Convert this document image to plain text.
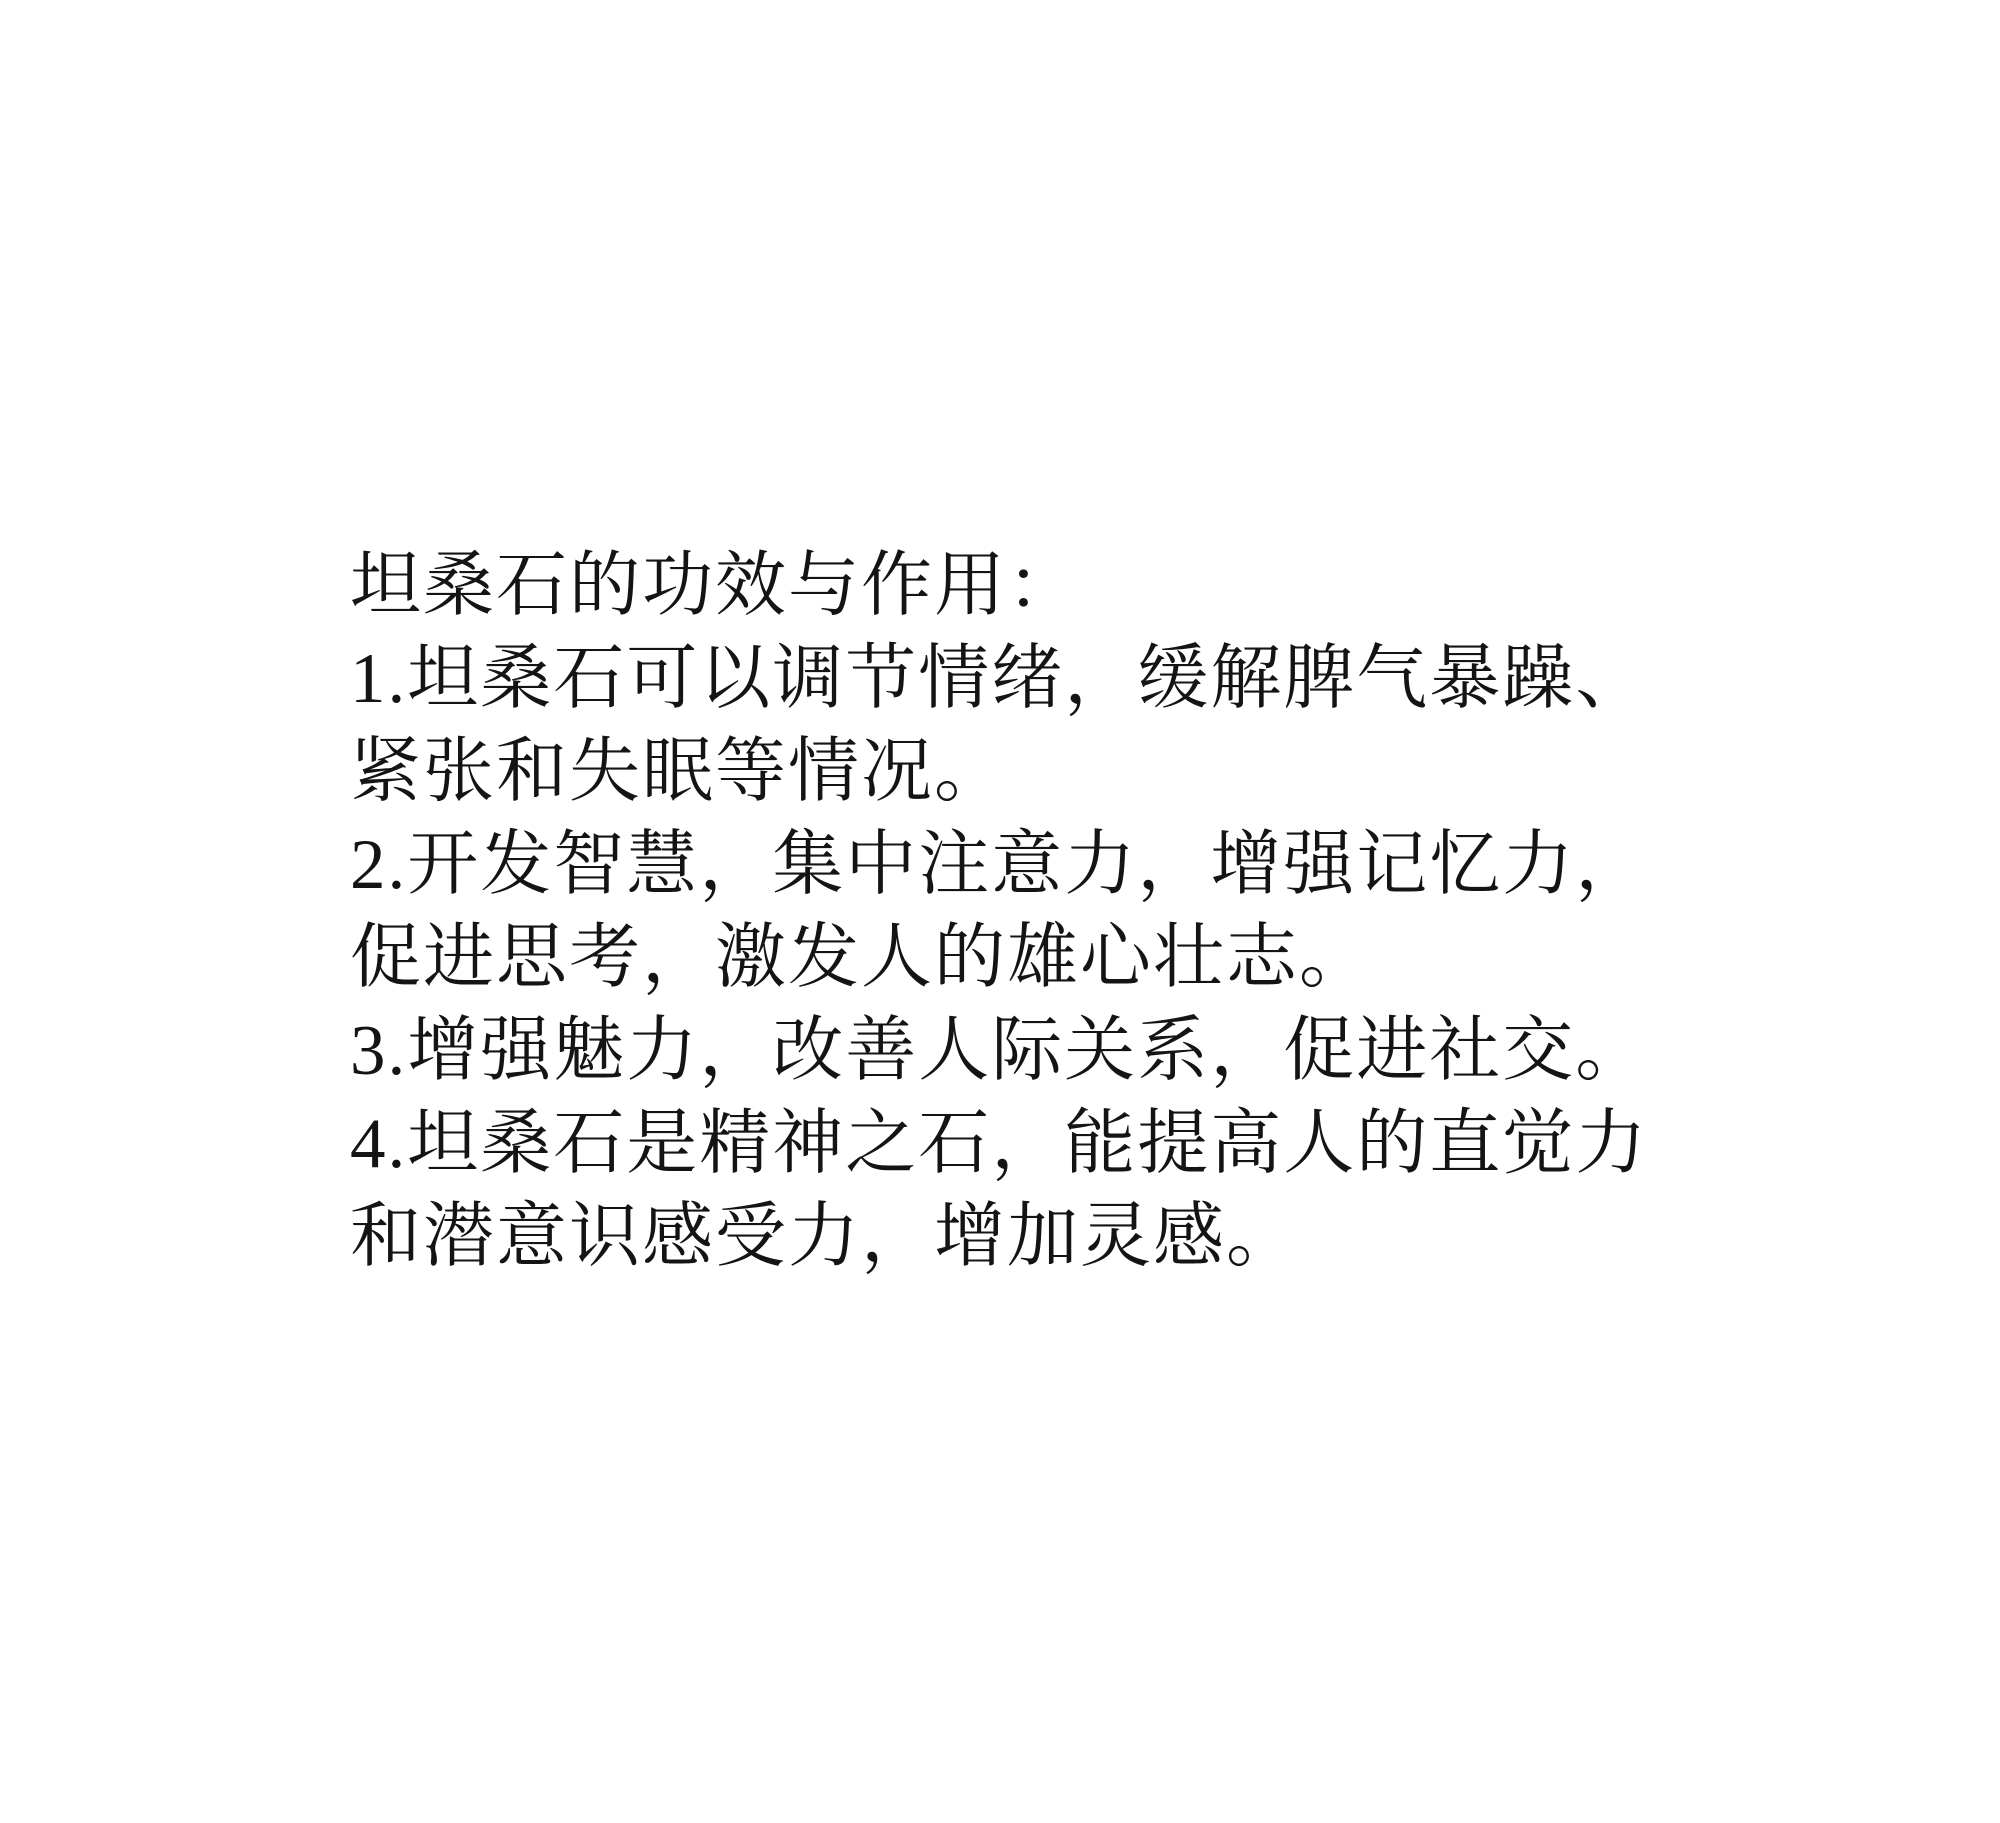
坦桑石的功效与作用：
1.坦桑石可以调节情绪，缓解脾气暴躁、
紧张和失眠等情况。
2.开发智慧，集中注意力，增强记忆力，
促进思考，激发人的雄心壮志。
3.增强魅力，改善人际关系，促进社交。
4.坦桑石是精神之石，能提高人的直觉力
和潜意识感受力，增加灵感。
